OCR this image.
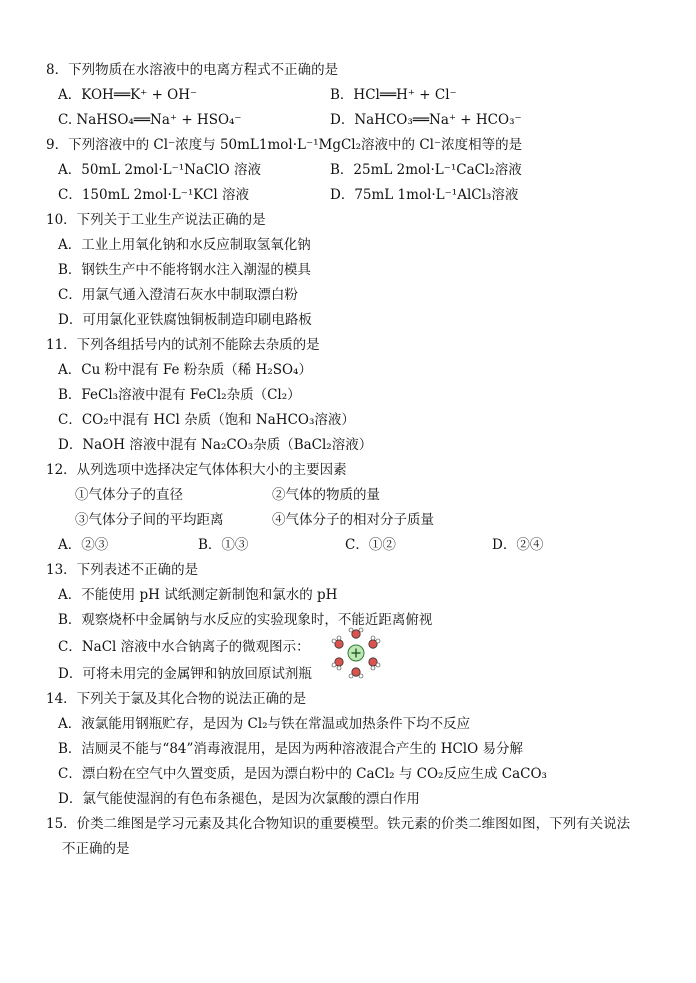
8．下列物质在水溶液中的电离方程式不正确的是
A．KOH══K⁺ + OH⁻	B．HCl══H⁺ + Cl⁻
C. NaHSO₄══Na⁺ + HSO₄⁻	D．NaHCO₃══Na⁺ + HCO₃⁻
9．下列溶液中的 Cl⁻浓度与 50mL1mol·L⁻¹MgCl₂溶液中的 Cl⁻浓度相等的是
A．50mL 2mol·L⁻¹NaClO 溶液	B．25mL 2mol·L⁻¹CaCl₂溶液
C．150mL 2mol·L⁻¹KCl 溶液	D．75mL 1mol·L⁻¹AlCl₃溶液
10．下列关于工业生产说法正确的是
A．工业上用氧化钠和水反应制取氢氧化钠
B．钢铁生产中不能将钢水注入潮湿的模具
C．用氯气通入澄清石灰水中制取漂白粉
D．可用氯化亚铁腐蚀铜板制造印刷电路板
11．下列各组括号内的试剂不能除去杂质的是
A．Cu 粉中混有 Fe 粉杂质（稀 H₂SO₄）
B．FeCl₃溶液中混有 FeCl₂杂质（Cl₂）
C．CO₂中混有 HCl 杂质（饱和 NaHCO₃溶液）
D．NaOH 溶液中混有 Na₂CO₃杂质（BaCl₂溶液）
12．从列选项中选择决定气体体积大小的主要因素
①气体分子的直径	②气体的物质的量
③气体分子间的平均距离	④气体分子的相对分子质量
A．②③	B．①③	C．①②	D．②④
13．下列表述不正确的是
A．不能使用 pH 试纸测定新制饱和氯水的 pH
B．观察烧杯中金属钠与水反应的实验现象时，不能近距离俯视
C．NaCl 溶液中水合钠离子的微观图示：
D．可将未用完的金属钾和钠放回原试剂瓶
14．下列关于氯及其化合物的说法正确的是
A．液氯能用钢瓶贮存，是因为 Cl₂与铁在常温或加热条件下均不反应
B．洁厕灵不能与“84”消毒液混用，是因为两种溶液混合产生的 HClO 易分解
C．漂白粉在空气中久置变质，是因为漂白粉中的 CaCl₂ 与 CO₂反应生成 CaCO₃
D．氯气能使湿润的有色布条褪色，是因为次氯酸的漂白作用
15．价类二维图是学习元素及其化合物知识的重要模型。铁元素的价类二维图如图，下列有关说法
不正确的是
